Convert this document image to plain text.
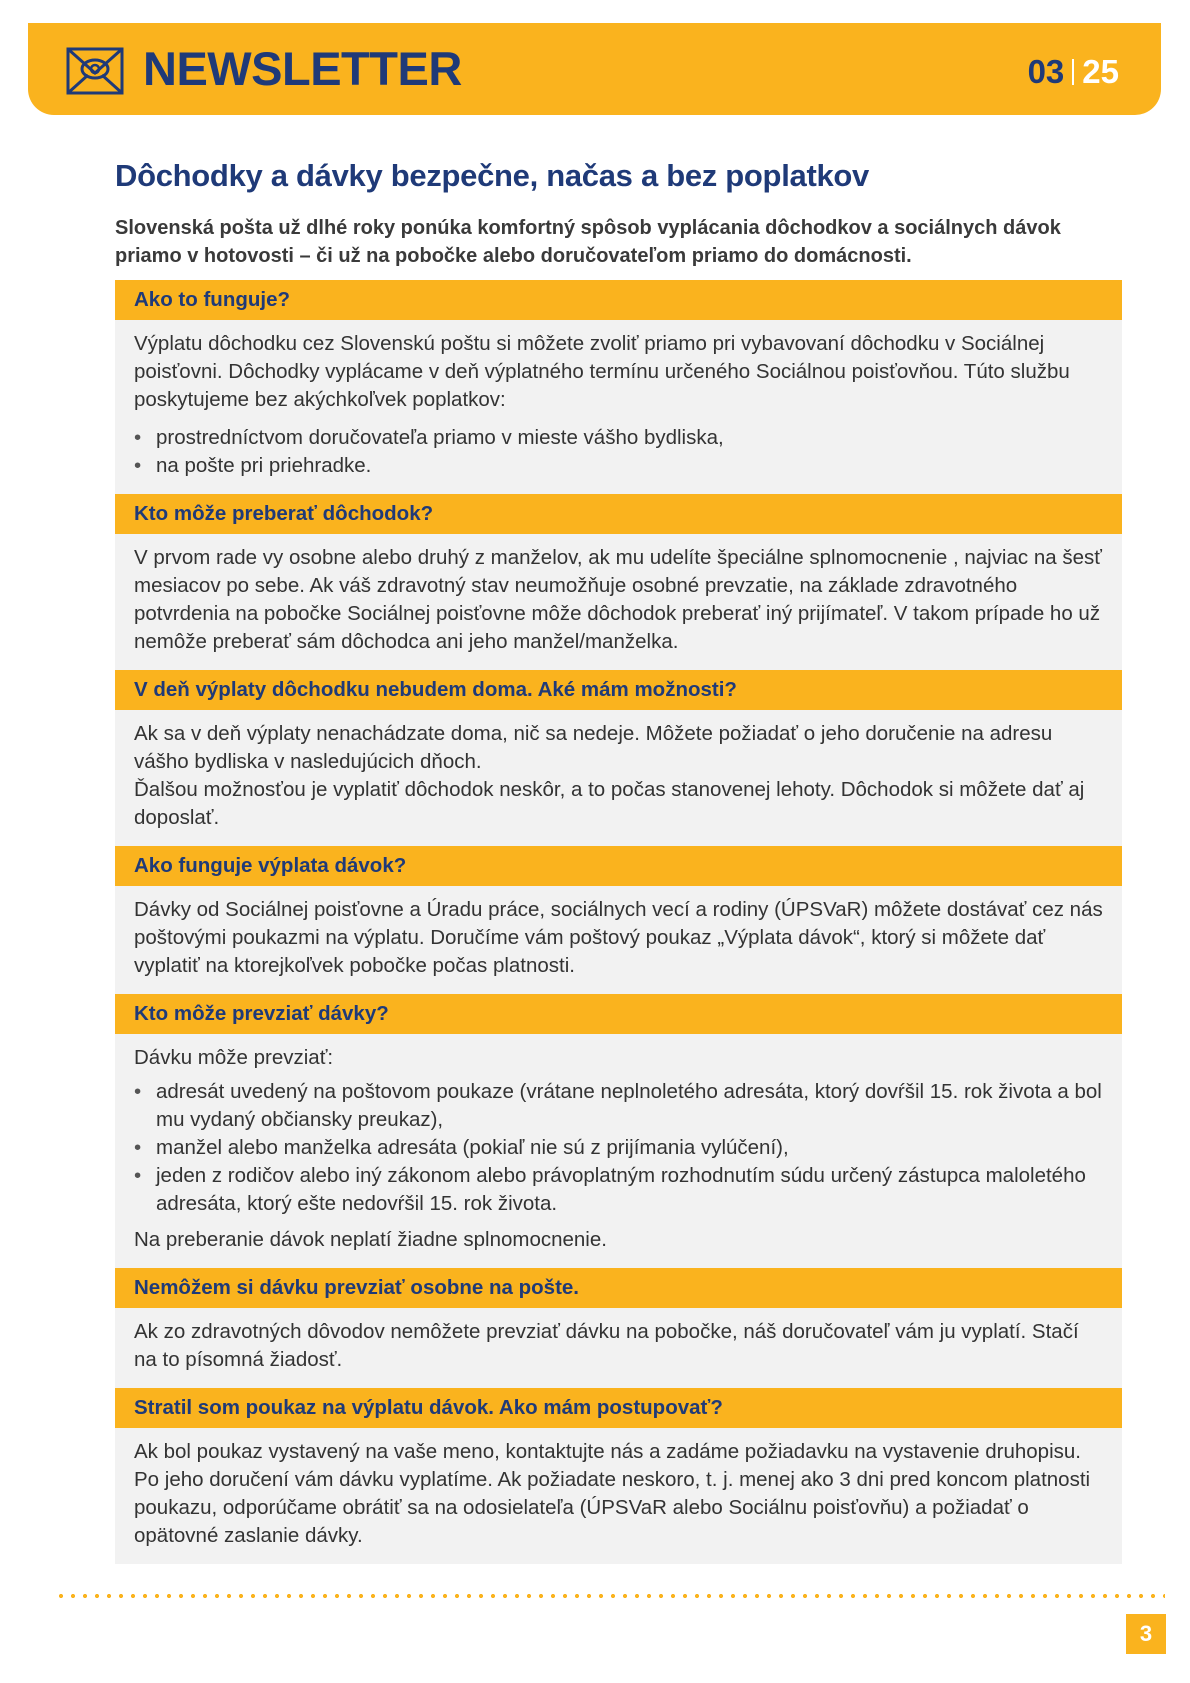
NEWSLETTER	03 25
Dôchodky a dávky bezpečne, načas a bez poplatkov
Slovenská pošta už dlhé roky ponúka komfortný spôsob vyplácania dôchodkov a sociálnych dávok priamo v hotovosti – či už na pobočke alebo doručovateľom priamo do domácnosti.
Ako to funguje?

Výplatu dôchodku cez Slovenskú poštu si môžete zvoliť priamo pri vybavovaní dôchodku v Sociálnej poisťovni. Dôchodky vyplácame v deň výplatného termínu určeného Sociálnou poisťovňou. Túto službu poskytujeme bez akýchkoľvek poplatkov:

• prostredníctvom doručovateľa priamo v mieste vášho bydliska,
• na pošte pri priehradke.
Kto môže preberať dôchodok?

V prvom rade vy osobne alebo druhý z manželov, ak mu udelíte špeciálne splnomocnenie , najviac na šesť mesiacov po sebe. Ak váš zdravotný stav neumožňuje osobné prevzatie, na základe zdravotného potvrdenia na pobočke Sociálnej poisťovne môže dôchodok preberať iný prijímateľ. V takom prípade ho už nemôže preberať sám dôchodca ani jeho manžel/manželka.

V deň výplaty dôchodku nebudem doma. Aké mám možnosti?

Ak sa v deň výplaty nenachádzate doma, nič sa nedeje. Môžete požiadať o jeho doručenie na adresu vášho bydliska v nasledujúcich dňoch.

Ďalšou možnosťou je vyplatiť dôchodok neskôr, a to počas stanovenej lehoty. Dôchodok si môžete dať aj doposlať.

Ako funguje výplata dávok?

Dávky od Sociálnej poisťovne a Úradu práce, sociálnych vecí a rodiny (ÚPSVaR) môžete dostávať cez nás poštovými poukazmi na výplatu. Doručíme vám poštový poukaz „Výplata dávok“, ktorý si môžete dať vyplatiť na ktorejkoľvek pobočke počas platnosti.

Kto môže prevziať dávky?

Dávku môže prevziať:

• adresát uvedený na poštovom poukaze (vrátane neplnoletého adresáta, ktorý dovŕšil 15. rok života a bol mu vydaný občiansky preukaz),
• manžel alebo manželka adresáta (pokiaľ nie sú z prijímania vylúčení),
• jeden z rodičov alebo iný zákonom alebo právoplatným rozhodnutím súdu určený zástupca maloletého adresáta, ktorý ešte nedovŕšil 15. rok života.

Na preberanie dávok neplatí žiadne splnomocnenie.

Nemôžem si dávku prevziať osobne na pošte.

Ak zo zdravotných dôvodov nemôžete prevziať dávku na pobočke, náš doručovateľ vám ju vyplatí. Stačí na to písomná žiadosť.

Stratil som poukaz na výplatu dávok. Ako mám postupovať?

Ak bol poukaz vystavený na vaše meno, kontaktujte nás a zadáme požiadavku na vystavenie druhopisu. Po jeho doručení vám dávku vyplatíme. Ak požiadate neskoro, t. j. menej ako 3 dni pred koncom platnosti poukazu, odporúčame obrátiť sa na odosielateľa (ÚPSVaR alebo Sociálnu poisťovňu) a požiadať o opätovné zaslanie dávky.

3
